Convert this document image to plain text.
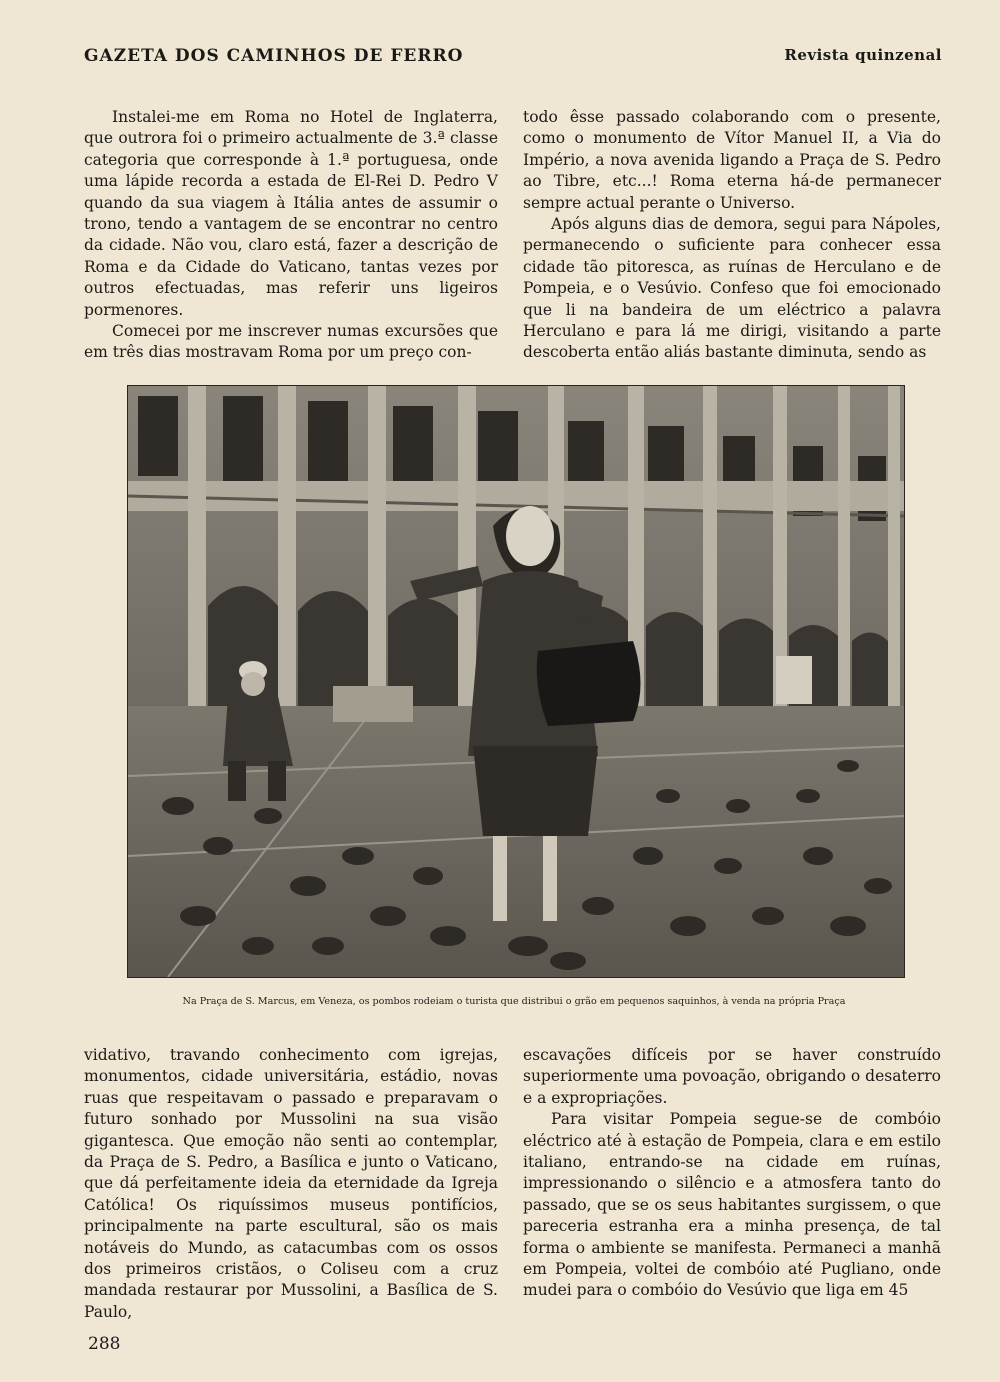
GAZETA DOS CAMINHOS DE FERRO	Revista quinzenal

Instalei-me em Roma no Hotel de Inglaterra, que outrora foi o primeiro actualmente de 3.ª classe categoria que corresponde à 1.ª portuguesa, onde uma lápide recorda a estada de El-Rei D. Pedro V quando da sua viagem à Itália antes de assumir o trono, tendo a vantagem de se encontrar no centro da cidade. Não vou, claro está, fazer a descrição de Roma e da Cidade do Vaticano, tantas vezes por outros efectuadas, mas referir uns ligeiros pormenores.

Comecei por me inscrever numas excursões que em três dias mostravam Roma por um preço con-

todo êsse passado colaborando com o presente, como o monumento de Vítor Manuel II, a Via do Império, a nova avenida ligando a Praça de S. Pedro ao Tibre, etc...! Roma eterna há-de permanecer sempre actual perante o Universo.

Após alguns dias de demora, segui para Nápoles, permanecendo o suficiente para conhecer essa cidade tão pitoresca, as ruínas de Herculano e de Pompeia, e o Vesúvio. Confeso que foi emocionado que li na bandeira de um eléctrico a palavra Herculano e para lá me dirigi, visitando a parte descoberta então aliás bastante diminuta, sendo as

Na Praça de S. Marcus, em Veneza, os pombos rodeiam o turista que distribui o grão em pequenos saquinhos, à venda na própria Praça

vidativo, travando conhecimento com igrejas, monumentos, cidade universitária, estádio, novas ruas que respeitavam o passado e preparavam o futuro sonhado por Mussolini na sua visão gigantesca. Que emoção não senti ao contemplar, da Praça de S. Pedro, a Basílica e junto o Vaticano, que dá perfeitamente ideia da eternidade da Igreja Católica! Os riquíssimos museus pontifícios, principalmente na parte escultural, são os mais notáveis do Mundo, as catacumbas com os ossos dos primeiros cristãos, o Coliseu com a cruz mandada restaurar por Mussolini, a Basílica de S. Paulo,

escavações difíceis por se haver construído superiormente uma povoação, obrigando o desaterro e a expropriações.

Para visitar Pompeia segue-se de combóio eléctrico até à estação de Pompeia, clara e em estilo italiano, entrando-se na cidade em ruínas, impressionando o silêncio e a atmosfera tanto do passado, que se os seus habitantes surgissem, o que pareceria estranha era a minha presença, de tal forma o ambiente se manifesta. Permaneci a manhã em Pompeia, voltei de combóio até Pugliano, onde mudei para o combóio do Vesúvio que liga em 45

288
